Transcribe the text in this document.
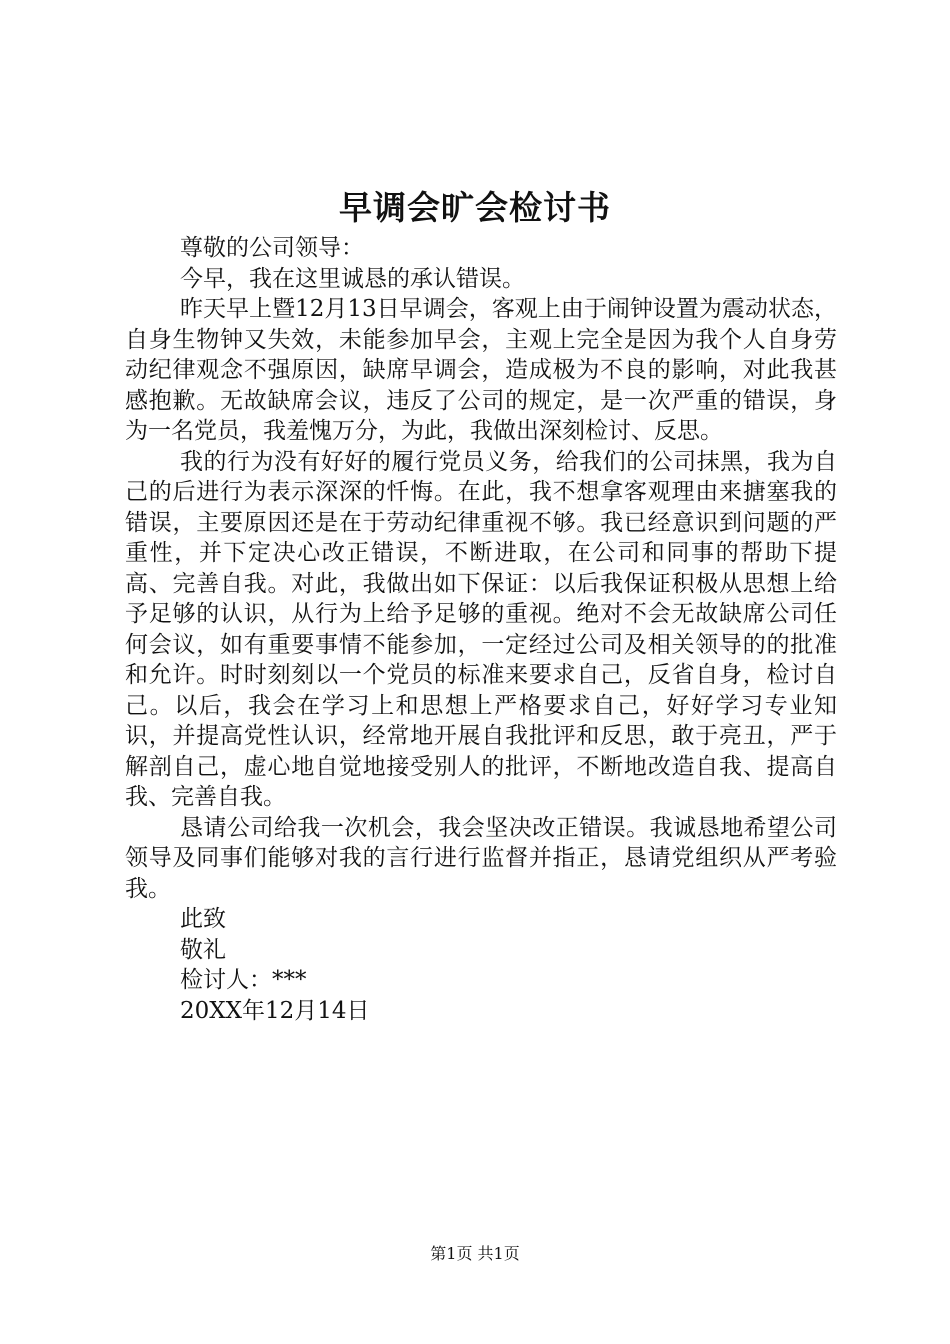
早调会旷会检讨书

尊敬的公司领导：

今早，我在这里诚恳的承认错误。

昨天早上暨12月13日早调会，客观上由于闹钟设置为震动状态，自身生物钟又失效，未能参加早会，主观上完全是因为我个人自身劳动纪律观念不强原因，缺席早调会，造成极为不良的影响，对此我甚感抱歉。无故缺席会议，违反了公司的规定，是一次严重的错误，身为一名党员，我羞愧万分，为此，我做出深刻检讨、反思。

我的行为没有好好的履行党员义务，给我们的公司抹黑，我为自己的后进行为表示深深的忏悔。在此，我不想拿客观理由来搪塞我的错误，主要原因还是在于劳动纪律重视不够。我已经意识到问题的严重性，并下定决心改正错误，不断进取，在公司和同事的帮助下提高、完善自我。对此，我做出如下保证：以后我保证积极从思想上给予足够的认识，从行为上给予足够的重视。绝对不会无故缺席公司任何会议，如有重要事情不能参加，一定经过公司及相关领导的的批准和允许。时时刻刻以一个党员的标准来要求自己，反省自身，检讨自己。以后，我会在学习上和思想上严格要求自己，好好学习专业知识，并提高党性认识，经常地开展自我批评和反思，敢于亮丑，严于解剖自己，虚心地自觉地接受别人的批评，不断地改造自我、提高自我、完善自我。

恳请公司给我一次机会，我会坚决改正错误。我诚恳地希望公司领导及同事们能够对我的言行进行监督并指正，恳请党组织从严考验我。

此致

敬礼

检讨人：***

20XX年12月14日

第1页 共1页
